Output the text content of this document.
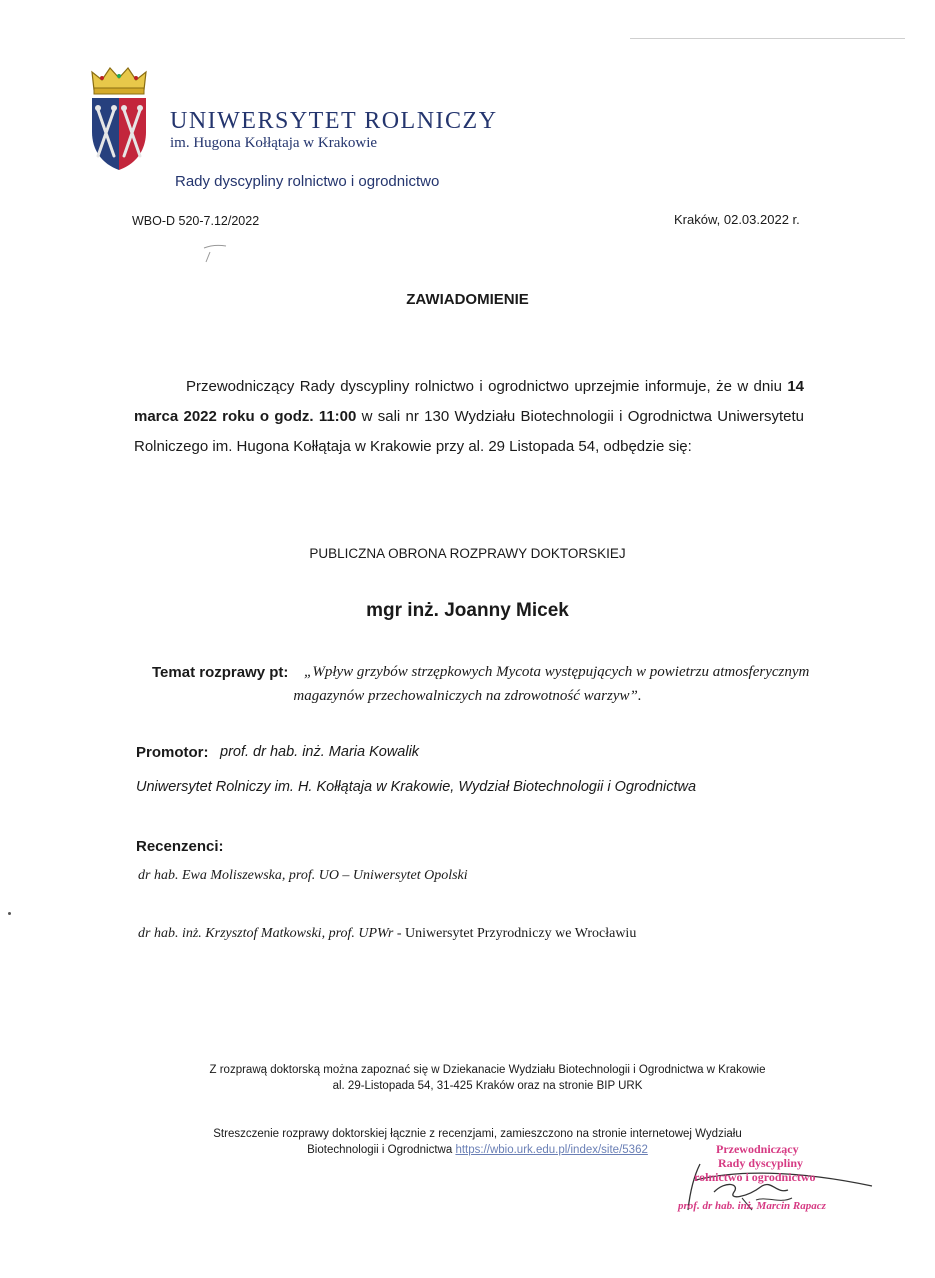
UNIWERSYTET ROLNICZY
im. Hugona Kołłątaja w Krakowie
Rady dyscypliny rolnictwo i ogrodnictwo
WBO-D 520-7.12/2022	Kraków, 02.03.2022 r.
ZAWIADOMIENIE

Przewodniczący Rady dyscypliny rolnictwo i ogrodnictwo uprzejmie informuje, że w dniu 14 marca 2022 roku o godz. 11:00 w sali nr 130 Wydziału Biotechnologii i Ogrodnictwa Uniwersytetu Rolniczego im. Hugona Kołłątaja w Krakowie przy al. 29 Listopada 54, odbędzie się:

PUBLICZNA OBRONA ROZPRAWY DOKTORSKIEJ
mgr inż. Joanny Micek
Temat rozprawy pt: „Wpływ grzybów strzępkowych Mycota występujących w powietrzu atmosferycznym
magazynów przechowalniczych na zdrowotność warzyw”.
Promotor: prof. dr hab. inż. Maria Kowalik
Uniwersytet Rolniczy im. H. Kołłątaja w Krakowie, Wydział Biotechnologii i Ogrodnictwa
Recenzenci:
dr hab. Ewa Moliszewska, prof. UO – Uniwersytet Opolski
dr hab. inż. Krzysztof Matkowski, prof. UPWr - Uniwersytet Przyrodniczy we Wrocławiu
Z rozprawą doktorską można zapoznać się w Dziekanacie Wydziału Biotechnologii i Ogrodnictwa w Krakowie
al. 29-Listopada 54, 31-425 Kraków oraz na stronie BIP URK
Streszczenie rozprawy doktorskiej łącznie z recenzjami, zamieszczono na stronie internetowej Wydziału
Biotechnologii i Ogrodnictwa https://wbio.urk.edu.pl/index/site/5362	Przewodniczący
Rady dyscypliny
rolnictwo i ogrodnictwo
prof. dr hab. inż. Marcin Rapacz
